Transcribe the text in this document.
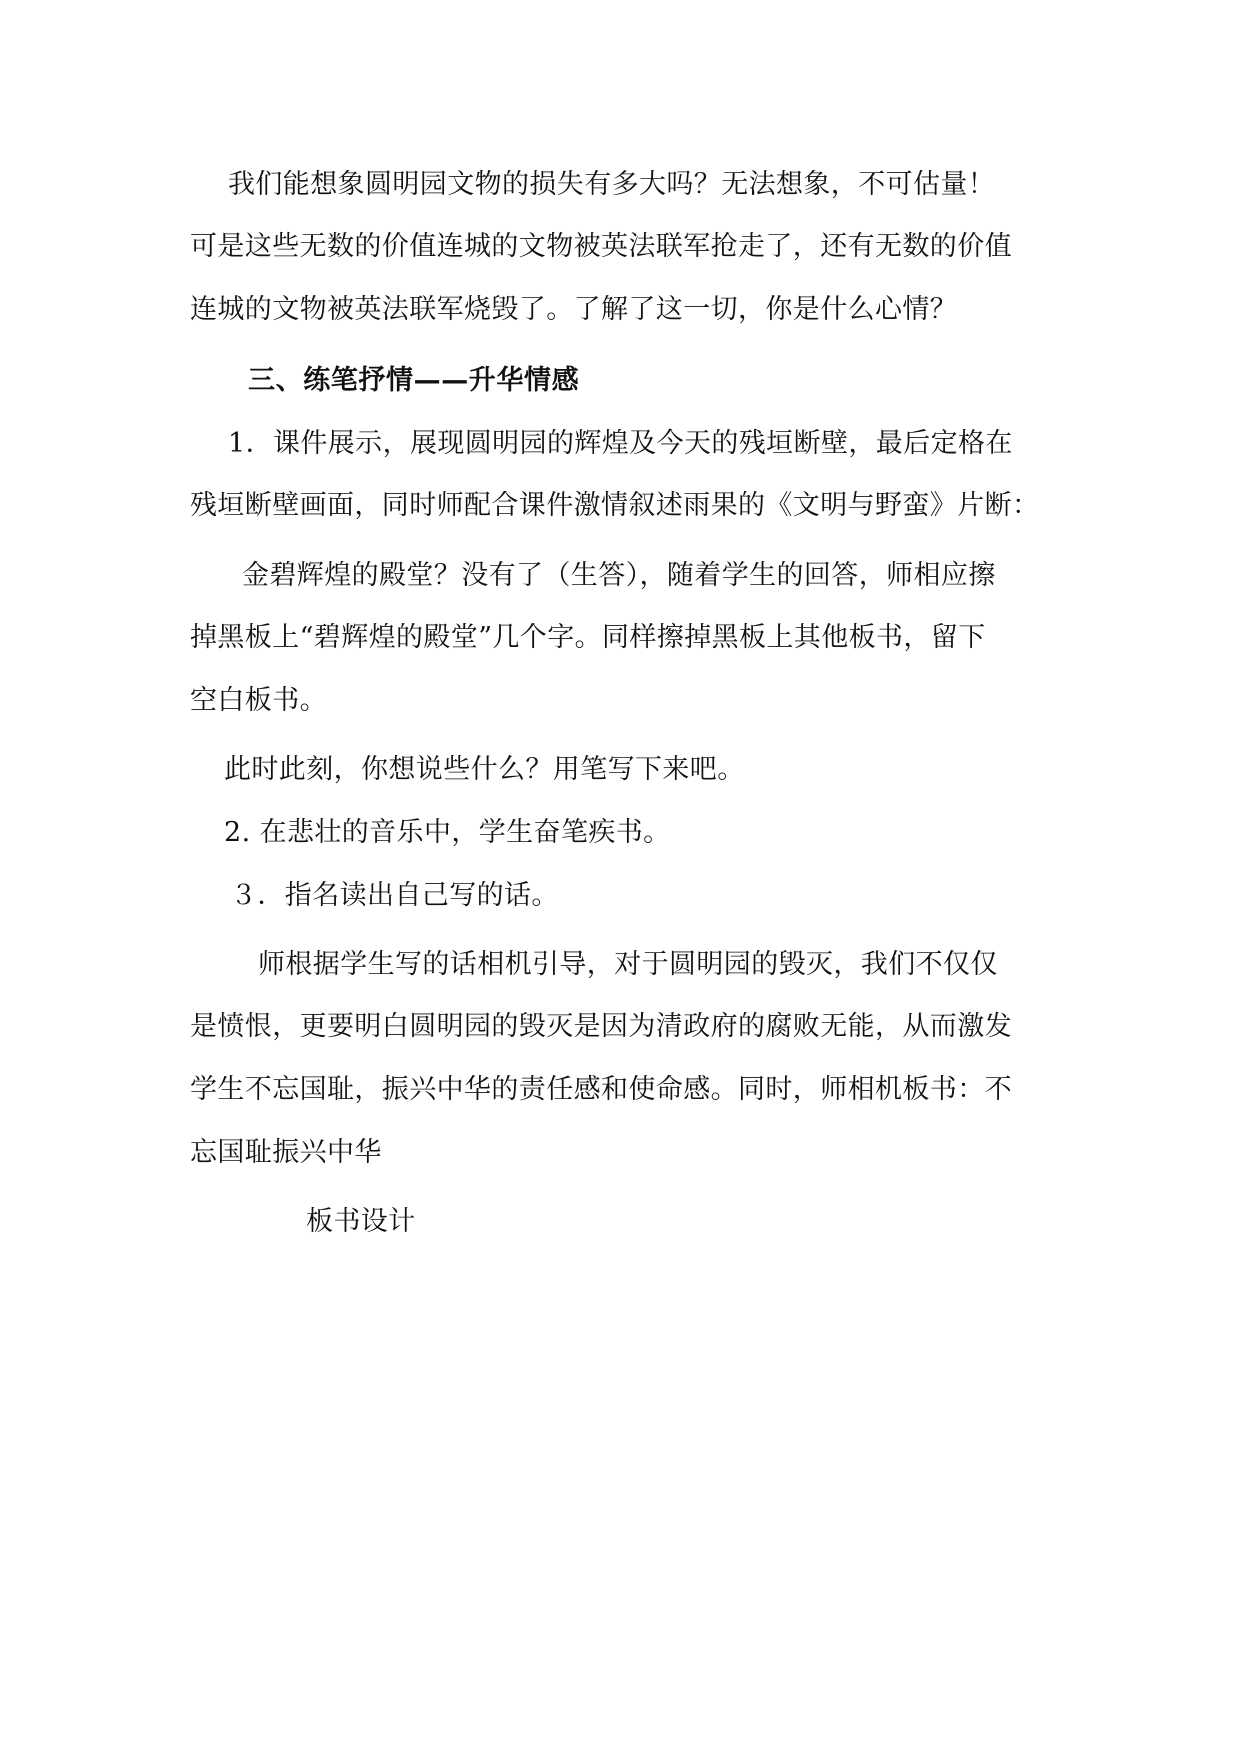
我们能想象圆明园文物的损失有多大吗？无法想象，不可估量！

可是这些无数的价值连城的文物被英法联军抢走了，还有无数的价值

连城的文物被英法联军烧毁了。了解了这一切，你是什么心情？

三、练笔抒情——升华情感

1．课件展示，展现圆明园的辉煌及今天的残垣断壁，最后定格在

残垣断壁画面，同时师配合课件激情叙述雨果的《文明与野蛮》片断：

金碧辉煌的殿堂？没有了（生答），随着学生的回答，师相应擦

掉黑板上“碧辉煌的殿堂”几个字。同样擦掉黑板上其他板书，留下

空白板书。

此时此刻，你想说些什么？用笔写下来吧。

2. 在悲壮的音乐中，学生奋笔疾书。

３．指名读出自己写的话。

师根据学生写的话相机引导，对于圆明园的毁灭，我们不仅仅

是愤恨，更要明白圆明园的毁灭是因为清政府的腐败无能，从而激发

学生不忘国耻，振兴中华的责任感和使命感。同时，师相机板书：不

忘国耻振兴中华

板书设计
